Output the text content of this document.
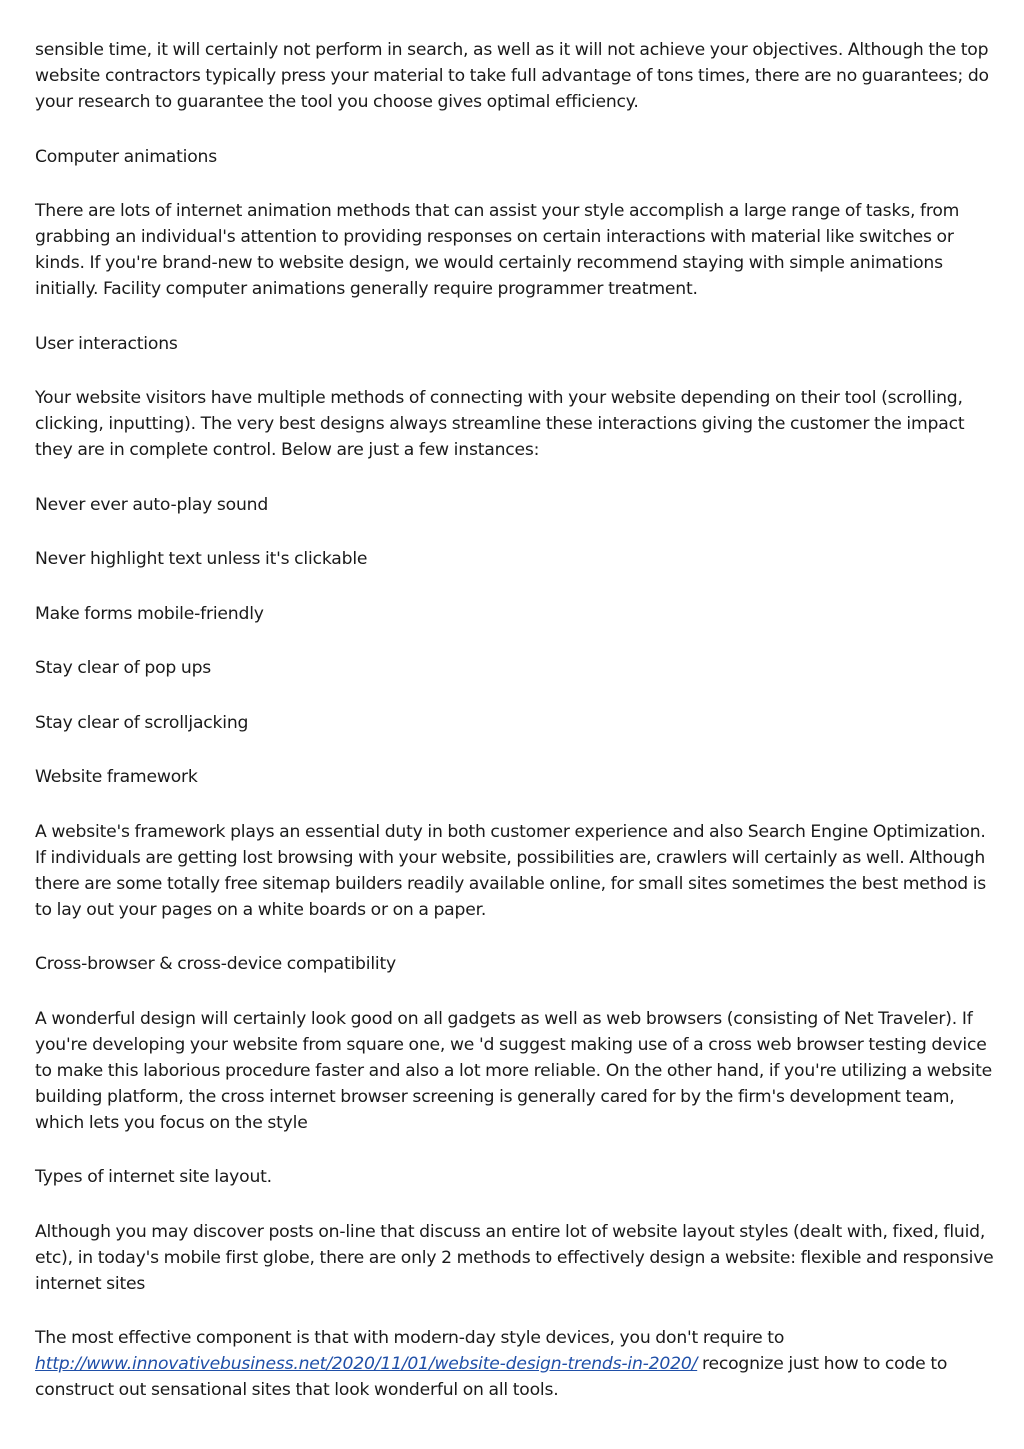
sensible time, it will certainly not perform in search, as well as it will not achieve your objectives. Although the top website contractors typically press your material to take full advantage of tons times, there are no guarantees; do your research to guarantee the tool you choose gives optimal efficiency.

Computer animations

There are lots of internet animation methods that can assist your style accomplish a large range of tasks, from grabbing an individual's attention to providing responses on certain interactions with material like switches or kinds. If you're brand-new to website design, we would certainly recommend staying with simple animations initially. Facility computer animations generally require programmer treatment.

User interactions

Your website visitors have multiple methods of connecting with your website depending on their tool (scrolling, clicking, inputting). The very best designs always streamline these interactions giving the customer the impact they are in complete control. Below are just a few instances:

Never ever auto-play sound

Never highlight text unless it's clickable

Make forms mobile-friendly

Stay clear of pop ups

Stay clear of scrolljacking

Website framework

A website's framework plays an essential duty in both customer experience and also Search Engine Optimization. If individuals are getting lost browsing with your website, possibilities are, crawlers will certainly as well. Although there are some totally free sitemap builders readily available online, for small sites sometimes the best method is to lay out your pages on a white boards or on a paper.

Cross-browser & cross-device compatibility

A wonderful design will certainly look good on all gadgets as well as web browsers (consisting of Net Traveler). If you're developing your website from square one, we 'd suggest making use of a cross web browser testing device to make this laborious procedure faster and also a lot more reliable. On the other hand, if you're utilizing a website building platform, the cross internet browser screening is generally cared for by the firm's development team, which lets you focus on the style

Types of internet site layout.

Although you may discover posts on-line that discuss an entire lot of website layout styles (dealt with, fixed, fluid, etc), in today's mobile first globe, there are only 2 methods to effectively design a website: flexible and responsive internet sites

The most effective component is that with modern-day style devices, you don't require to http://www.innovativebusiness.net/2020/11/01/website-design-trends-in-2020/ recognize just how to code to construct out sensational sites that look wonderful on all tools.
